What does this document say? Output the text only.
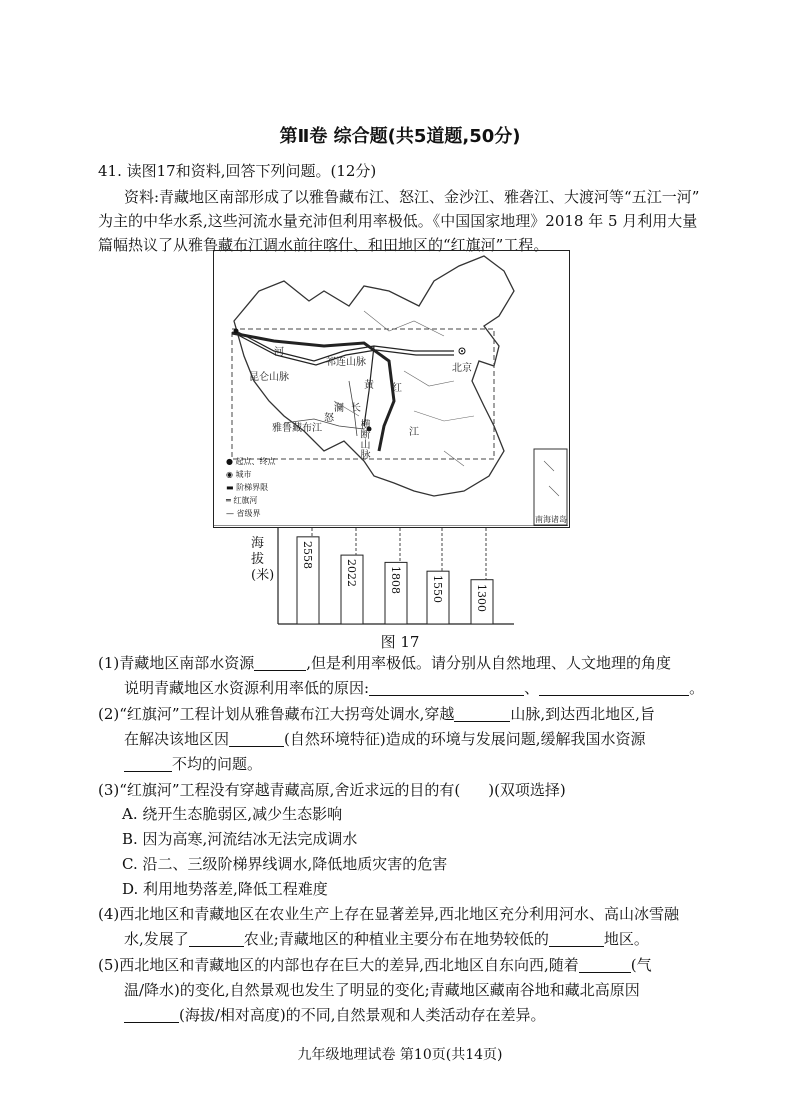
第Ⅱ卷 综合题(共5道题,50分)
41. 读图17和资料,回答下列问题。(12分)
资料:青藏地区南部形成了以雅鲁藏布江、怒江、金沙江、雅砻江、大渡河等“五江一河”
为主的中华水系,这些河流水量充沛但利用率极低。《中国国家地理》2018 年 5 月利用大量
篇幅热议了从雅鲁藏布江调水前往喀什、和田地区的“红旗河”工程。
河
昆仑山脉
祁连山脉
黄
雅鲁藏布江
怒
澜 长
横断山脉	江
红
北京
南海诸岛
● 起点、终点
◉ 城市
▬ 阶梯界限
═ 红旗河
— 省级界
海拔(米)
2558
2022	1808	1550	1300
图 17
(1)青藏地区南部水资源	,但是利用率极低。请分别从自然地理、人文地理的角度
说明青藏地区水资源利用率低的原因:	、	。
(2)“红旗河”工程计划从雅鲁藏布江大拐弯处调水,穿越	山脉,到达西北地区,旨
在解决该地区因	(自然环境特征)造成的环境与发展问题,缓解我国水资源
不均的问题。
(3)“红旗河”工程没有穿越青藏高原,舍近求远的目的有( )(双项选择)
A. 绕开生态脆弱区,减少生态影响
B. 因为高寒,河流结冰无法完成调水
C. 沿二、三级阶梯界线调水,降低地质灾害的危害
D. 利用地势落差,降低工程难度
(4)西北地区和青藏地区在农业生产上存在显著差异,西北地区充分利用河水、高山冰雪融
水,发展了	农业;青藏地区的种植业主要分布在地势较低的	地区。
(5)西北地区和青藏地区的内部也存在巨大的差异,西北地区自东向西,随着	(气
温/降水)的变化,自然景观也发生了明显的变化;青藏地区藏南谷地和藏北高原因
(海拔/相对高度)的不同,自然景观和人类活动存在差异。
九年级地理试卷 第10页(共14页)
